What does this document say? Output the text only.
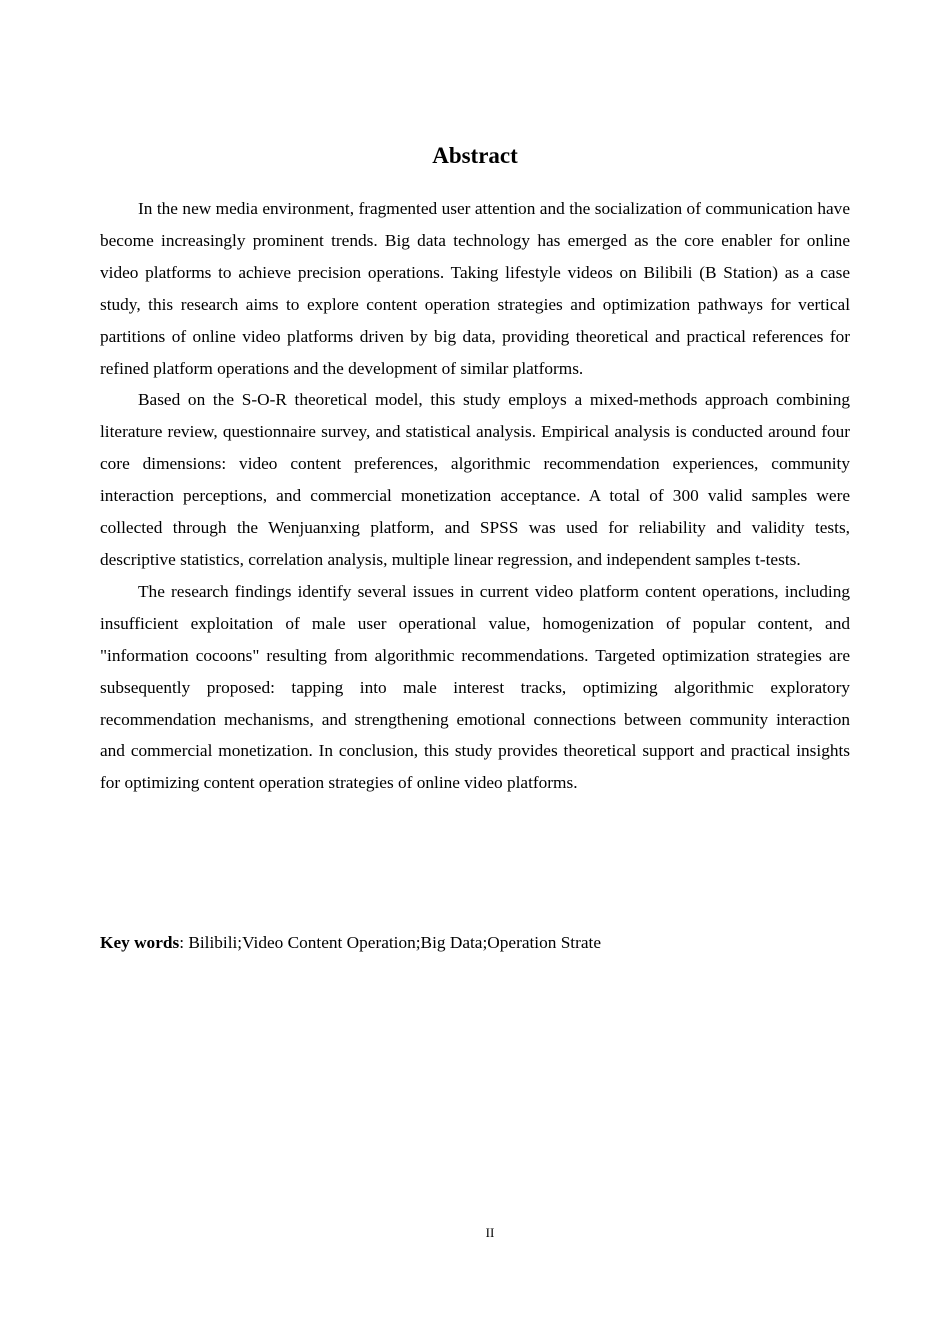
Abstract

In the new media environment, fragmented user attention and the socialization of communication have become increasingly prominent trends. Big data technology has emerged as the core enabler for online video platforms to achieve precision operations. Taking lifestyle videos on Bilibili (B Station) as a case study, this research aims to explore content operation strategies and optimization pathways for vertical partitions of online video platforms driven by big data, providing theoretical and practical references for refined platform operations and the development of similar platforms.

Based on the S-O-R theoretical model, this study employs a mixed-methods approach combining literature review, questionnaire survey, and statistical analysis. Empirical analysis is conducted around four core dimensions: video content preferences, algorithmic recommendation experiences, community interaction perceptions, and commercial monetization acceptance. A total of 300 valid samples were collected through the Wenjuanxing platform, and SPSS was used for reliability and validity tests, descriptive statistics, correlation analysis, multiple linear regression, and independent samples t-tests.

The research findings identify several issues in current video platform content operations, including insufficient exploitation of male user operational value, homogenization of popular content, and "information cocoons" resulting from algorithmic recommendations. Targeted optimization strategies are subsequently proposed: tapping into male interest tracks, optimizing algorithmic exploratory recommendation mechanisms, and strengthening emotional connections between community interaction and commercial monetization. In conclusion, this study provides theoretical support and practical insights for optimizing content operation strategies of online video platforms.

Key words: Bilibili;Video Content Operation;Big Data;Operation Strate

II
